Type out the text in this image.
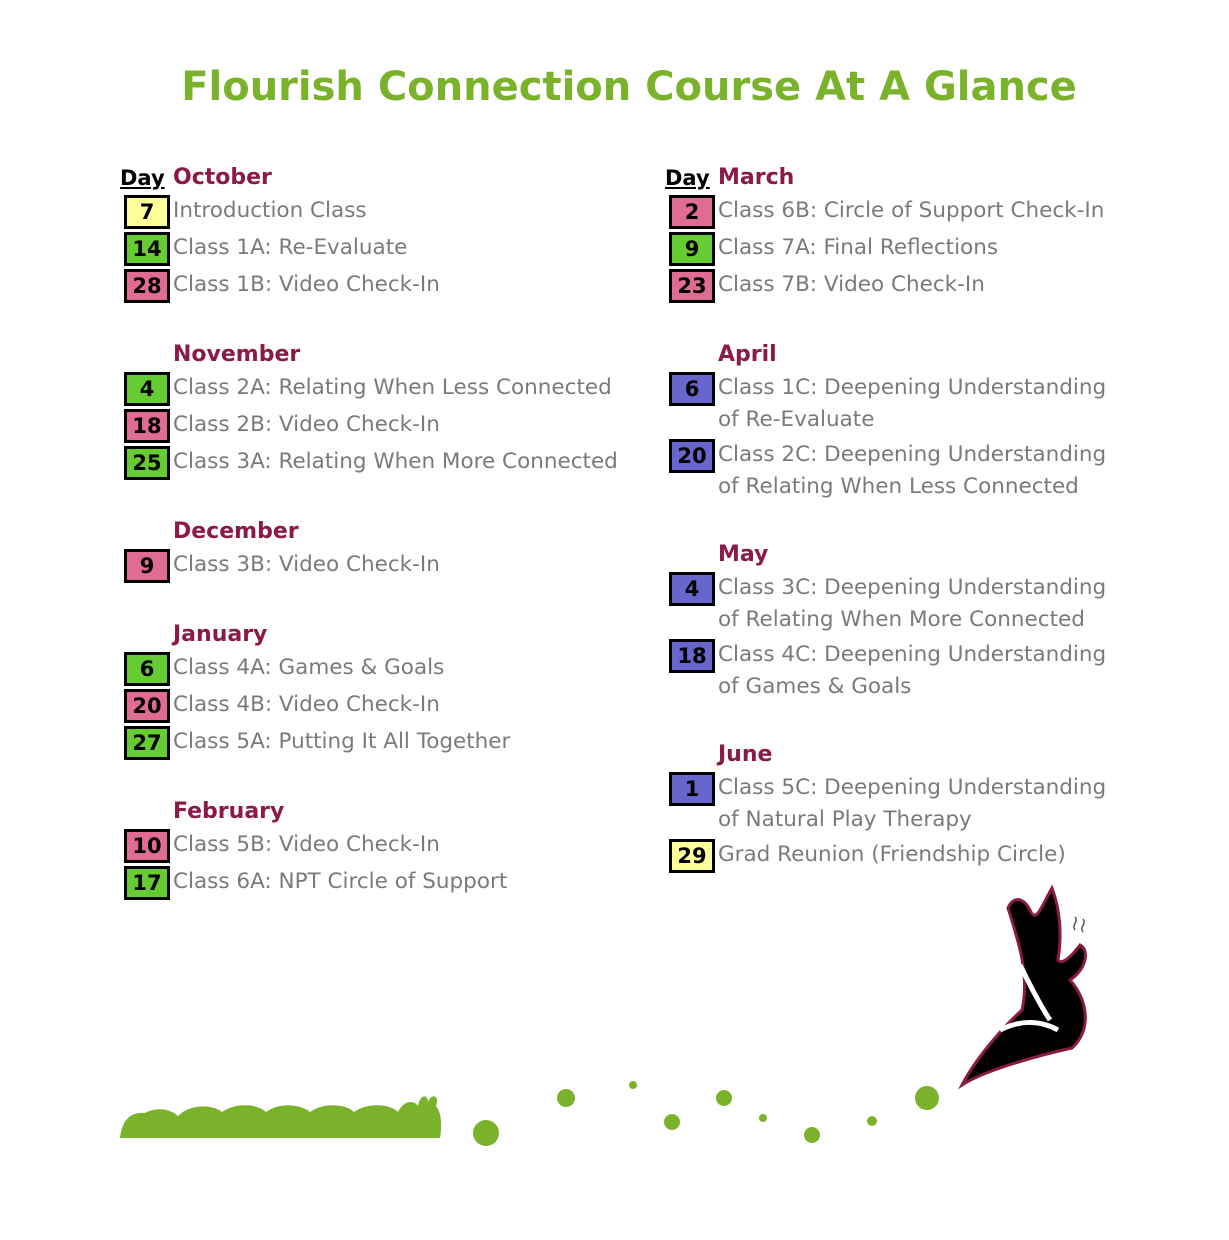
Flourish Connection Course At A Glance
Day October
7 Introduction Class
14 Class 1A: Re-Evaluate
28 Class 1B: Video Check-In
November
4 Class 2A: Relating When Less Connected
18 Class 2B: Video Check-In
25 Class 3A: Relating When More Connected
December
9 Class 3B: Video Check-In
January
6 Class 4A: Games & Goals
20 Class 4B: Video Check-In
27 Class 5A: Putting It All Together
February
10 Class 5B: Video Check-In
17 Class 6A: NPT Circle of Support
Day March
2 Class 6B: Circle of Support Check-In
9 Class 7A: Final Reflections
23 Class 7B: Video Check-In
April
6 Class 1C: Deepening Understanding of Re-Evaluate
20 Class 2C: Deepening Understanding of Relating When Less Connected
May
4 Class 3C: Deepening Understanding of Relating When More Connected
18 Class 4C: Deepening Understanding of Games & Goals
June
1 Class 5C: Deepening Understanding of Natural Play Therapy
29 Grad Reunion (Friendship Circle)
